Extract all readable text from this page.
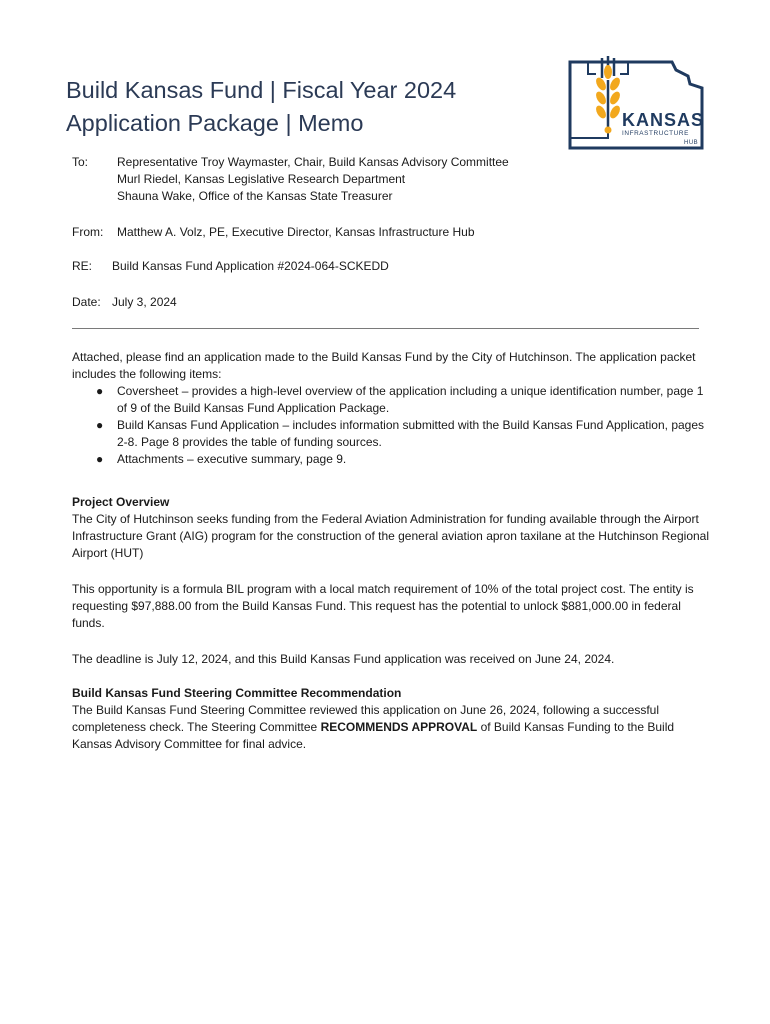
Build Kansas Fund | Fiscal Year 2024
Application Package | Memo	KANSAS
INFRASTRUCTURE
HUB
To: Representative Troy Waymaster, Chair, Build Kansas Advisory Committee
Murl Riedel, Kansas Legislative Research Department
Shauna Wake, Office of the Kansas State Treasurer
From: Matthew A. Volz, PE, Executive Director, Kansas Infrastructure Hub
RE: Build Kansas Fund Application #2024-064-SCKEDD
Date: July 3, 2024

Attached, please find an application made to the Build Kansas Fund by the City of Hutchinson. The application packet includes the following items:

● Coversheet – provides a high-level overview of the application including a unique identification number, page 1 of 9 of the Build Kansas Fund Application Package.
● Build Kansas Fund Application – includes information submitted with the Build Kansas Fund Application, pages 2-8. Page 8 provides the table of funding sources.
● Attachments – executive summary, page 9.

Project Overview

The City of Hutchinson seeks funding from the Federal Aviation Administration for funding available through the Airport Infrastructure Grant (AIG) program for the construction of the general aviation apron taxilane at the Hutchinson Regional Airport (HUT)

This opportunity is a formula BIL program with a local match requirement of 10% of the total project cost. The entity is requesting $97,888.00 from the Build Kansas Fund. This request has the potential to unlock $881,000.00 in federal funds.

The deadline is July 12, 2024, and this Build Kansas Fund application was received on June 24, 2024.

Build Kansas Fund Steering Committee Recommendation

The Build Kansas Fund Steering Committee reviewed this application on June 26, 2024, following a successful completeness check. The Steering Committee RECOMMENDS APPROVAL of Build Kansas Funding to the Build Kansas Advisory Committee for final advice.
